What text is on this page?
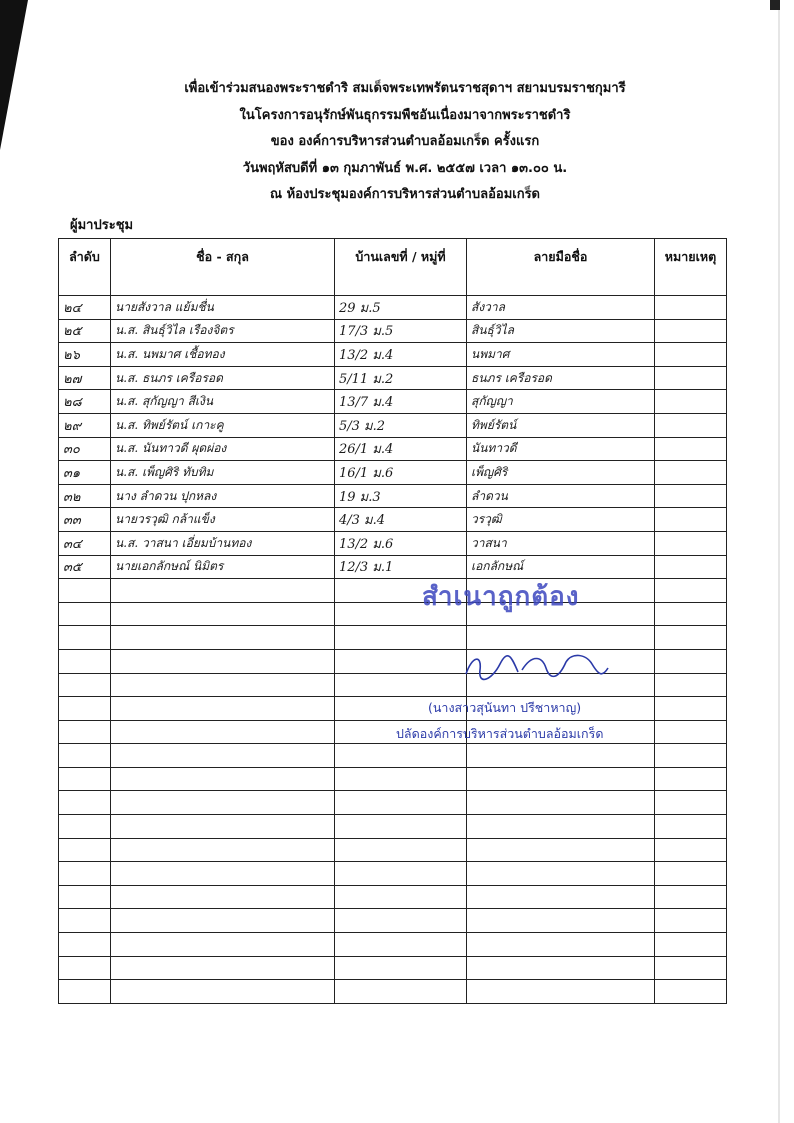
เพื่อเข้าร่วมสนองพระราชดำริ สมเด็จพระเทพรัตนราชสุดาฯ สยามบรมราชกุมารี
ในโครงการอนุรักษ์พันธุกรรมพืชอันเนื่องมาจากพระราชดำริ
ของ องค์การบริหารส่วนตำบลอ้อมเกร็ด ครั้งแรก
วันพฤหัสบดีที่ ๑๓ กุมภาพันธ์ พ.ศ. ๒๕๕๗ เวลา ๑๓.๐๐ น.
ณ ห้องประชุมองค์การบริหารส่วนตำบลอ้อมเกร็ด
ผู้มาประชุม
ลำดับ	ชื่อ - สกุล	บ้านเลขที่ / หมู่ที่	ลายมือชื่อ	หมายเหตุ
๒๔	นายสังวาล แย้มชื่น	29 ม.5	สังวาล	
๒๕	น.ส. สินธุ์วิไล เรืองจิตร	17/3 ม.5	สินธุ์วิไล	
๒๖	น.ส. นพมาศ เชื้อทอง	13/2 ม.4	นพมาศ	
๒๗	น.ส. ธนภร เครือรอด	5/11 ม.2	ธนภร เครือรอด	
๒๘	น.ส. สุกัญญา สีเงิน	13/7 ม.4	สุกัญญา	
๒๙	น.ส. ทิพย์รัตน์ เกาะคู	5/3 ม.2	ทิพย์รัตน์	
๓๐	น.ส. นันทาวดี ผุดผ่อง	26/1 ม.4	นันทาวดี	
๓๑	น.ส. เพ็ญศิริ ทับทิม	16/1 ม.6	เพ็ญศิริ	
๓๒	นาง ลำดวน ปุกหลง	19 ม.3	ลำดวน	
๓๓	นายวรวุฒิ กล้าแข็ง	4/3 ม.4	วรวุฒิ	
๓๔	น.ส. วาสนา เอี่ยมบ้านทอง	13/2 ม.6	วาสนา	
๓๕	นายเอกลักษณ์ นิมิตร	12/3 ม.1	เอกลักษณ์	

สำเนาถูกต้อง
(นางสาวสุนันทา ปรีชาหาญ)
ปลัดองค์การบริหารส่วนตำบลอ้อมเกร็ด
